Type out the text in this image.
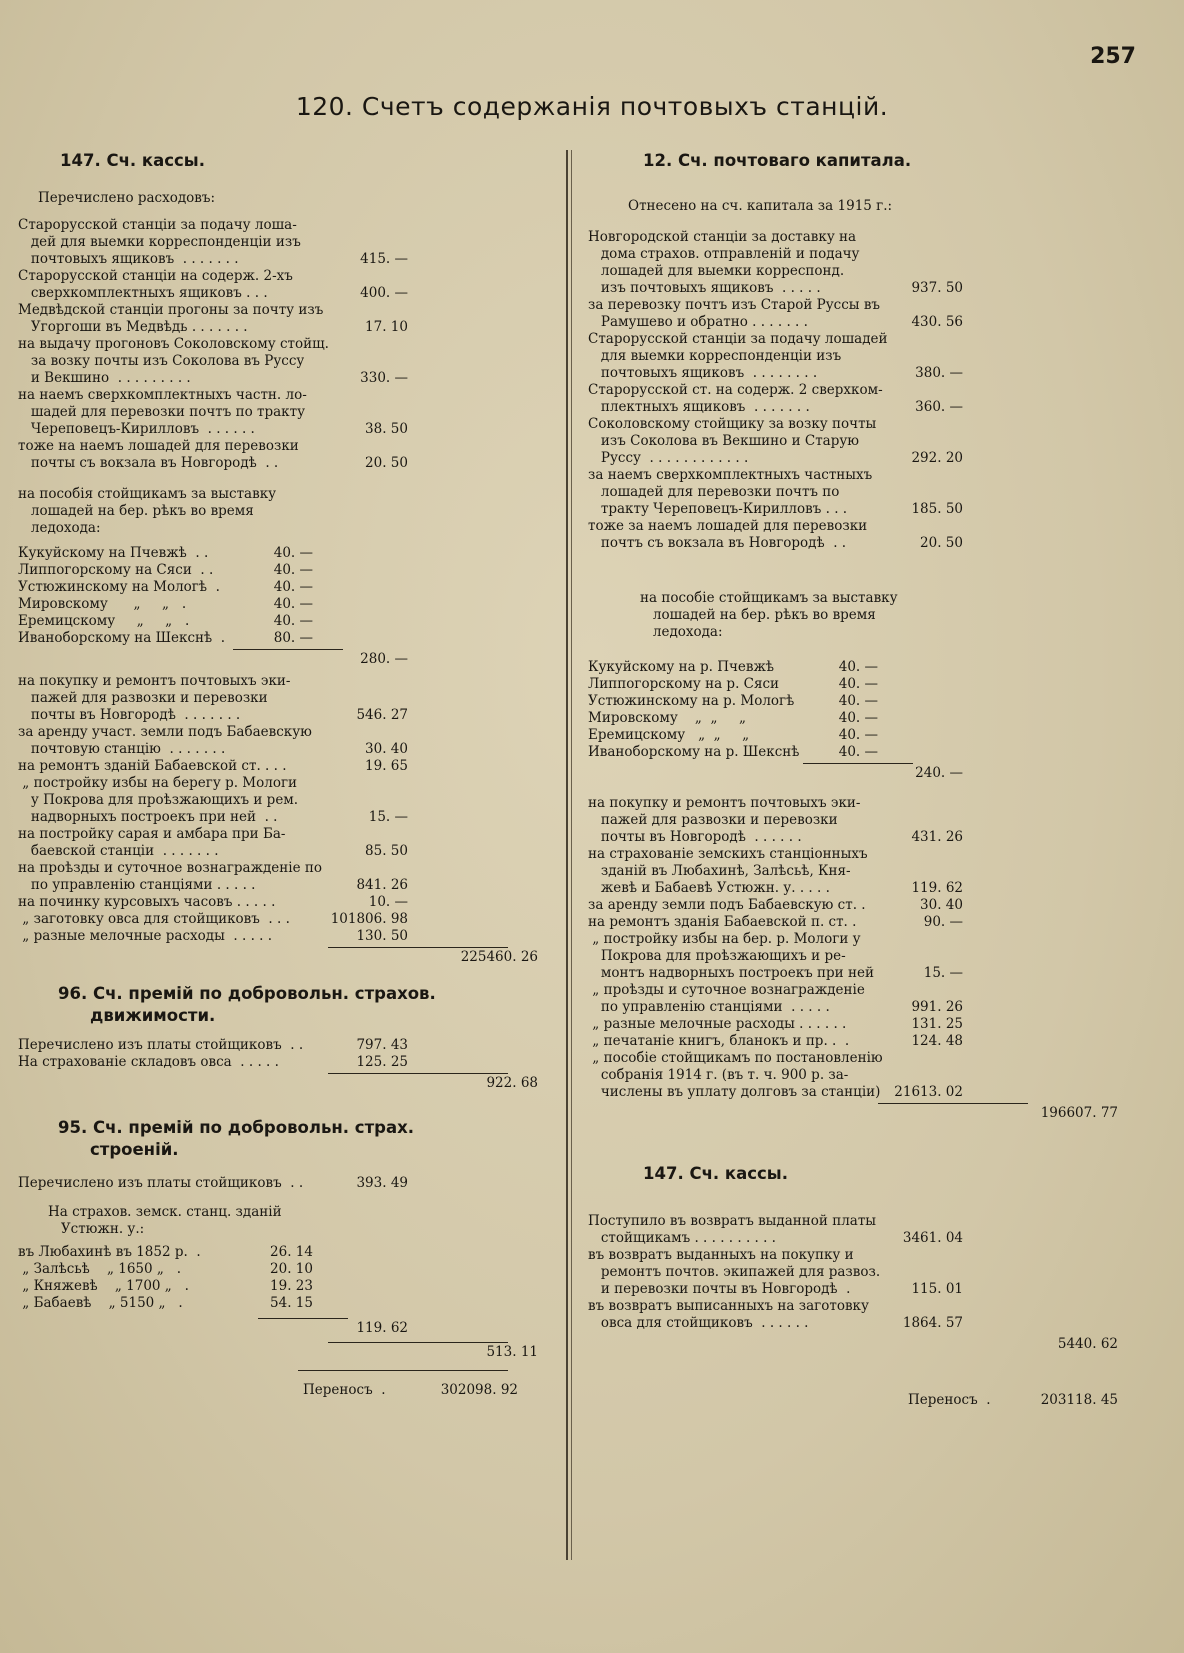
257
120. Счетъ содержанія почтовыхъ станцій.
147. Сч. кассы.
Перечислено расходовъ:
Старорусской станціи за подачу лоша-
дей для выемки корреспонденціи изъ
почтовыхъ ящиковъ  . . . . . . .	415. —
Старорусской станціи на содерж. 2-хъ
сверхкомплектныхъ ящиковъ . . .	400. —
Медвѣдской станціи прогоны за почту изъ
Угоргоши въ Медвѣдь . . . . . . .	17. 10
на выдачу прогоновъ Соколовскому стойщ.
за возку почты изъ Соколова въ Руссу
и Векшино  . . . . . . . . .	330. —
на наемъ сверхкомплектныхъ частн. ло-
шадей для перевозки почтъ по тракту
Череповецъ-Кирилловъ  . . . . . .	38. 50
тоже на наемъ лошадей для перевозки
почты съ вокзала въ Новгородѣ  . .	20. 50
на пособія стойщикамъ за выставку
лошадей на бер. рѣкъ во время
ледохода:
Кукуйскому на Пчевжѣ  . .	40. —
Липпогорскому на Сяси  . .	40. —
Устюжинскому на Мологѣ  .	40. —
Мировскому      „     „   .	40. —
Еремицскому     „     „   .	40. —
Иваноборскому на Шекснѣ  .	80. —
280. —
на покупку и ремонтъ почтовыхъ эки-
пажей для развозки и перевозки
почты въ Новгородѣ  . . . . . . .	546. 27
за аренду участ. земли подъ Бабаевскую
почтовую станцію  . . . . . . .	30. 40
на ремонтъ зданій Бабаевской ст. . . .	19. 65
„ постройку избы на берегу р. Мологи
у Покрова для проѣзжающихъ и рем.
надворныхъ построекъ при ней  . .	15. —
на постройку сарая и амбара при Ба-
баевской станціи  . . . . . . .	85. 50
на проѣзды и суточное вознагражденіе по
по управленію станціями . . . . .	841. 26
на починку курсовыхъ часовъ . . . . .	10. —
„ заготовку овса для стойщиковъ  . . .	101806. 98
„ разные мелочные расходы  . . . . .	130. 50
225460. 26
96. Сч. премій по добровольн. страхов.
движимости.
Перечислено изъ платы стойщиковъ  . .	797. 43
На страхованіе складовъ овса  . . . . .	125. 25
922. 68
95. Сч. премій по добровольн. страх.
строеній.
Перечислено изъ платы стойщиковъ  . .	393. 49
На страхов. земск. станц. зданій
Устюжн. у.:
въ Любахинѣ въ 1852 р.  .	26. 14
„ Залѣсьѣ    „ 1650 „   .	20. 10
„ Княжевѣ    „ 1700 „   .	19. 23
„ Бабаевѣ    „ 5150 „   .	54. 15
119. 62
513. 11
Переносъ  .	302098. 92
12. Сч. почтоваго капитала.
Отнесено на сч. капитала за 1915 г.:
Новгородской станціи за доставку на
дома страхов. отправленій и подачу
лошадей для выемки корреспонд.
изъ почтовыхъ ящиковъ  . . . . .	937. 50
за перевозку почтъ изъ Старой Руссы въ
Рамушево и обратно . . . . . . .	430. 56
Старорусской станціи за подачу лошадей
для выемки корреспонденціи изъ
почтовыхъ ящиковъ  . . . . . . . .	380. —
Старорусской ст. на содерж. 2 сверхком-
плектныхъ ящиковъ  . . . . . . .	360. —
Соколовскому стойщику за возку почты
изъ Соколова въ Векшино и Старую
Руссу  . . . . . . . . . . . .	292. 20
за наемъ сверхкомплектныхъ частныхъ
лошадей для перевозки почтъ по
тракту Череповецъ-Кирилловъ . . .	185. 50
тоже за наемъ лошадей для перевозки
почтъ съ вокзала въ Новгородѣ  . .	20. 50
на пособіе стойщикамъ за выставку
лошадей на бер. рѣкъ во время
ледохода:
Кукуйскому на р. Пчевжѣ	40. —
Липпогорскому на р. Сяси	40. —
Устюжинскому на р. Мологѣ	40. —
Мировскому    „  „     „	40. —
Еремицскому   „  „     „	40. —
Иваноборскому на р. Шекснѣ	40. —
240. —
на покупку и ремонтъ почтовыхъ эки-
пажей для развозки и перевозки
почты въ Новгородѣ  . . . . . .	431. 26
на страхованіе земскихъ станціонныхъ
зданій въ Любахинѣ, Залѣсьѣ, Кня-
жевѣ и Бабаевѣ Устюжн. у. . . . .	119. 62
за аренду земли подъ Бабаевскую ст. .	30. 40
на ремонтъ зданія Бабаевской п. ст. .	90. —
„ постройку избы на бер. р. Мологи у
Покрова для проѣзжающихъ и ре-
монтъ надворныхъ построекъ при ней	15. —
„ проѣзды и суточное вознагражденіе
по управленію станціями  . . . . .	991. 26
„ разные мелочные расходы . . . . . .	131. 25
„ печатаніе книгъ, бланокъ и пр. .  .	124. 48
„ пособіе стойщикамъ по постановленію
собранія 1914 г. (въ т. ч. 900 р. за-
числены въ уплату долговъ за станціи) 21613. 02
196607. 77
147. Сч. кассы.
Поступило въ возвратъ выданной платы
стойщикамъ . . . . . . . . . .	3461. 04
въ возвратъ выданныхъ на покупку и
ремонтъ почтов. экипажей для развоз.
и перевозки почты въ Новгородѣ  .	115. 01
въ возвратъ выписанныхъ на заготовку
овса для стойщиковъ  . . . . . .	1864. 57
5440. 62
Переносъ  .	203118. 45
